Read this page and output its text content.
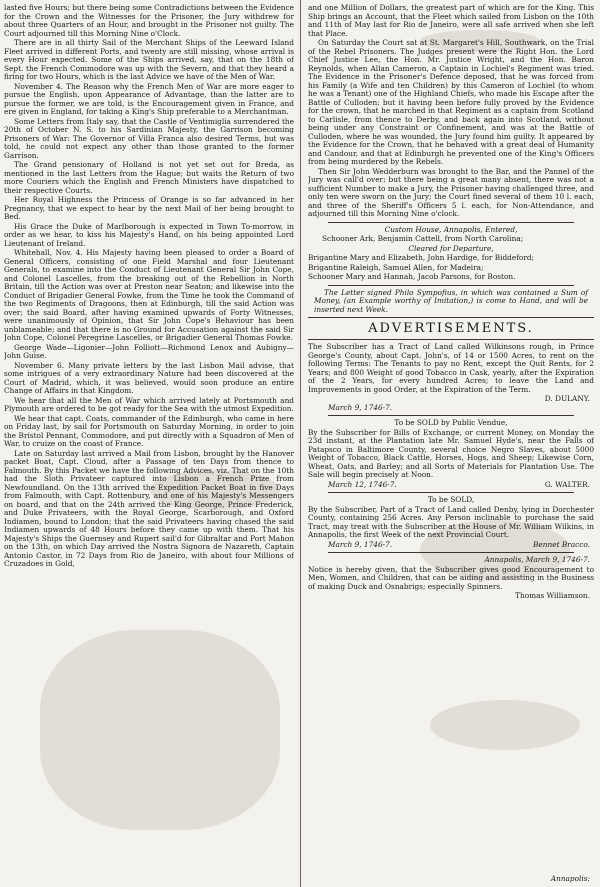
lasted five Hours; but there being some Contradictions between the Evidence for the Crown and the Witnesses for the Prisoner, the Jury withdrew for about three Quarters of an Hour, and brought in the Prisoner not guilty. The Court adjourned till this Morning Nine o'Clock.

There are in all thirty Sail of the Merchant Ships of the Leeward Island Fleet arrived in different Ports, and twenty are still missing, whose arrival is every Hour expected. Some of the Ships arrived, say, that on the 18th of Sept. the French Commodore was up with the Severn, and that they heard a firing for two Hours, which is the last Advice we have of the Men of War.

November 4. The Reason why the French Men of War are more eager to pursue the English, upon Appearance of Advantage, than the latter are to pursue the former, we are told, is the Encouragement given in France, and ere given in England, for taking a King's Ship preferable to a Merchantman.

Some Letters from Italy say, that the Castle of Ventimiglia surrendered the 20th of October N. S. to his Sardinian Majesty, the Garrison becoming Prisoners of War: The Governor of Villa Franca also desired Terms, but was told, he could not expect any other than those granted to the former Garrison.

The Grand pensionary of Holland is not yet set out for Breda, as mentioned in the last Letters from the Hague; but waits the Return of two more Couriers which the English and French Ministers have dispatched to their respective Courts.

Her Royal Highness the Princess of Orange is so far advanced in her Pregnancy, that we expect to hear by the next Mail of her being brought to Bed.

His Grace the Duke of Marlborough is expected in Town To-morrow, in order as we hear, to kiss his Majesty's Hand, on his being appointed Lord Lieutenant of Ireland.

Whitehall, Nov. 4. His Majesty having been pleased to order a Board of General Officers, consisting of one Field Marshal and four Lieutenant Generals, to examine into the Conduct of Lieutenant General Sir John Cope, and Colonel Lascelles, from the breaking out of the Rebellion in North Britain, till the Action was over at Preston near Seaton; and likewise into the Conduct of Brigadier General Fowke, from the Time he took the Command of the two Regiments of Dragoons, then at Edinburgh, till the said Action was over; the said Board, after having examined upwards of Forty Witnesses, were unanimously of Opinion, that Sir John Cope's Behaviour has been unblameable; and that there is no Ground for Accusation against the said Sir John Cope, Colonel Peregrine Lascelles, or Brigadier General Thomas Fowke.

George Wade—Ligonier—John Folliott—Richmond Lenox and Aubigny—John Guise.

November 6. Many private letters by the last Lisbon Mail advise, that some intrigues of a very extraordinary Nature had been discovered at the Court of Madrid, which, it was believed, would soon produce an entire Change of Affairs in that Kingdom.

We hear that all the Men of War which arrived lately at Portsmouth and Plymouth are ordered to be got ready for the Sea with the utmost Expedition.

We hear that capt. Coats, commander of the Edinburgh, who came in here on Friday last, by sail for Portsmouth on Saturday Morning, in order to join the Bristol Pennant, Commodore, and put directly with a Squadron of Men of War, to cruize on the coast of France.

Late on Saturday last arrived a Mail from Lisbon, brought by the Hanover packet Boat, Capt. Cloud, after a Passage of ten Days from thence to Falmouth. By this Packet we have the following Advices, viz. That on the 10th had the Sloth Privateer captured into Lisbon a French Prize from Newfoundland. On the 13th arrived the Expedition Packet Boat in five Days from Falmouth, with Capt. Rottenbury, and one of his Majesty's Messengers on board, and that on the 24th arrived the King George, Prince Frederick, and Duke Privateers, with the Royal George, Scarborough, and Oxford Indiamen, bound to London; that the said Privateers having chased the said Indiamen upwards of 48 Hours before they came up with them. That his Majesty's Ships the Guernsey and Rupert sail'd for Gibraltar and Port Mahon on the 13th, on which Day arrived the Nostra Signora de Nazareth, Captain Antonio Castor, in 72 Days from Rio de Janeiro, with about four Millions of Cruzadoes in Gold,

and one Million of Dollars, the greatest part of which are for the King. This Ship brings an Account, that the Fleet which sailed from Lisbon on the 10th and 11th of May last for Rio de Janeiro, were all safe arrived when she left that Place.

On Saturday the Court sat at St. Margaret's Hill, Southwark, on the Trial of the Rebel Prisoners. The Judges present were the Right Hon. the Lord Chief Justice Lee, the Hon. Mr. Justice Wright, and the Hon. Baron Reynolds, when Allan Cameron, a Captain in Lochiel's Regiment was tried. The Evidence in the Prisoner's Defence deposed, that he was forced from his Family (a Wife and ten Children) by this Cameron of Lochiel (to whom he was a Tenant) one of the Highland Chiefs, who made his Escape after the Battle of Culloden; but it having been before fully proved by the Evidence for the crown, that he marched in that Regiment as a captain from Scotland to Carlisle, from thence to Derby, and back again into Scotland, without being under any Constraint or Confinement, and was at the Battle of Culloden, where he was wounded, the Jury found him guilty. It appeared by the Evidence for the Crown, that he behaved with a great deal of Humanity and Candour, and that at Edinburgh he prevented one of the King's Officers from being murdered by the Rebels.

Then Sir John Wedderburn was brought to the Bar, and the Pannel of the Jury was call'd over; but there being a great many absent, there was not a sufficient Number to make a Jury, the Prisoner having challenged three, and only ten were sworn on the Jury; the Court fined several of them 10 l. each, and three of the Sheriff's Officers 5 l. each, for Non-Attendance, and adjourned till this Morning Nine o'clock.

Custom House, Annapolis, Entered,

Schooner Ark, Benjamin Cattell, from North Carolina;

Cleared for Departure,

Brigantine Mary and Elizabeth, John Hardige, for Biddeford;

Brigantine Raleigh, Samuel Allen, for Madeira;

Schooner Mary and Hannah, Jacob Parsons, for Boston.

The Letter signed Philo Sympofius, in which was contained a Sum of Money, (an Example worthy of Imitation,) is come to Hand, and will be inserted next Week.

ADVERTISEMENTS.

The Subscriber has a Tract of Land called Wilkinsons rough, in Prince George's County, about Capt. John's, of 14 or 1500 Acres, to rent on the following Terms: The Tenants to pay no Rent, except the Quit Rents, for 2 Years; and 800 Weight of good Tobacco in Cask, yearly, after the Expiration of the 2 Years, for every hundred Acres; to leave the Land and Improvements in good Order, at the Expiration of the Term.

D. DULANY.

March 9, 1746-7.

To be SOLD by Public Vendue,

By the Subscriber for Bills of Exchange, or current Money, on Monday the 23d instant, at the Plantation late Mr. Samuel Hyde's, near the Falls of Patapsco in Baltimore County, several choice Negro Slaves, about 5000 Weight of Tobacco, Black Cattle, Horses, Hogs, and Sheep; Likewise Corn, Wheat, Oats, and Barley; and all Sorts of Materials for Plantation Use. The Sale will begin precisely at Noon.

March 12, 1746-7.	G. WALTER.

To be SOLD,

By the Subscriber, Part of a Tract of Land called Denby, lying in Dorchester County, containing 256 Acres. Any Person inclinable to purchase the said Tract, may treat with the Subscriber at the House of Mr. William Wilkins, in Annapolis, the first Week of the next Provincial Court.

March 9, 1746-7.	Bennet Bracco.

Annapolis, March 9, 1746-7.

Notice is hereby given, that the Subscriber gives good Encouragement to Men, Women, and Children, that can be aiding and assisting in the Business of making Duck and Osnabrigs; especially Spinners.

Thomas Williamson.

Annapolis:
